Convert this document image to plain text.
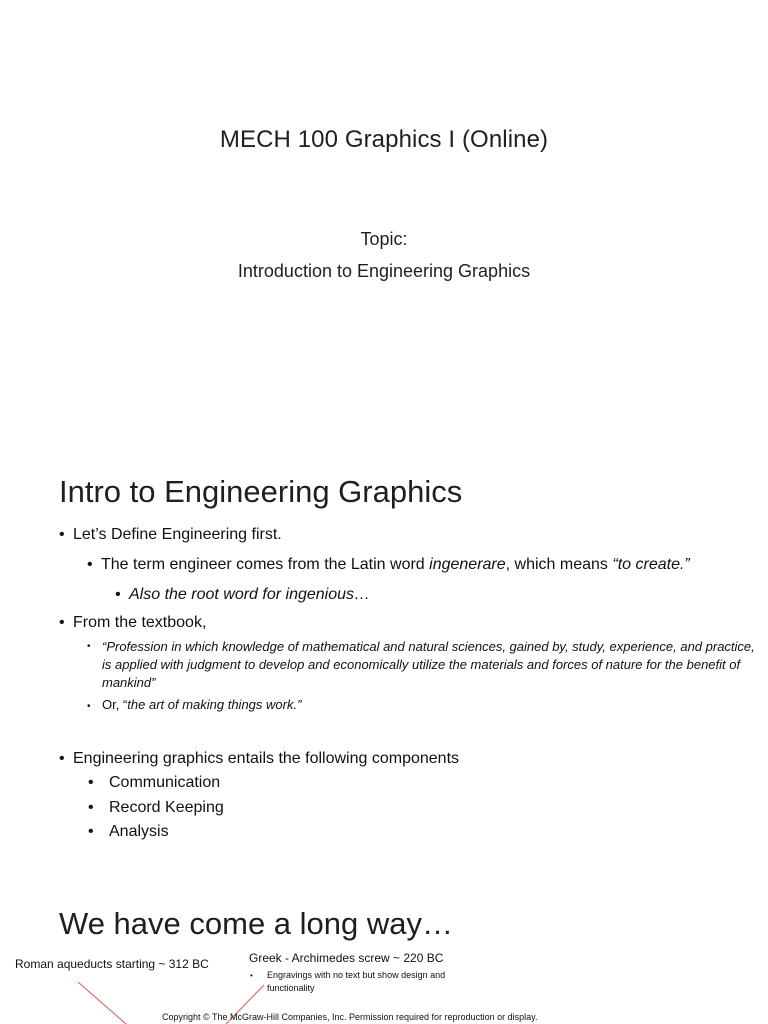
MECH 100 Graphics I (Online)
Topic:
Introduction to Engineering Graphics
Intro to Engineering Graphics
• Let’s Define Engineering first.
• The term engineer comes from the Latin word ingenerare, which means “to create.”
• Also the root word for ingenious…
• From the textbook,
• “Profession in which knowledge of mathematical and natural sciences, gained by, study, experience, and practice, is applied with judgment to develop and economically utilize the materials and forces of nature for the benefit of mankind”
• Or, “the art of making things work.”
• Engineering graphics entails the following components
• Communication
• Record Keeping
• Analysis
We have come a long way…
Roman aqueducts starting ~ 312 BC	Greek - Archimedes screw ~ 220 BC
•	Engravings with no text but show design and functionality
Copyright © The McGraw-Hill Companies, Inc. Permission required for reproduction or display.
